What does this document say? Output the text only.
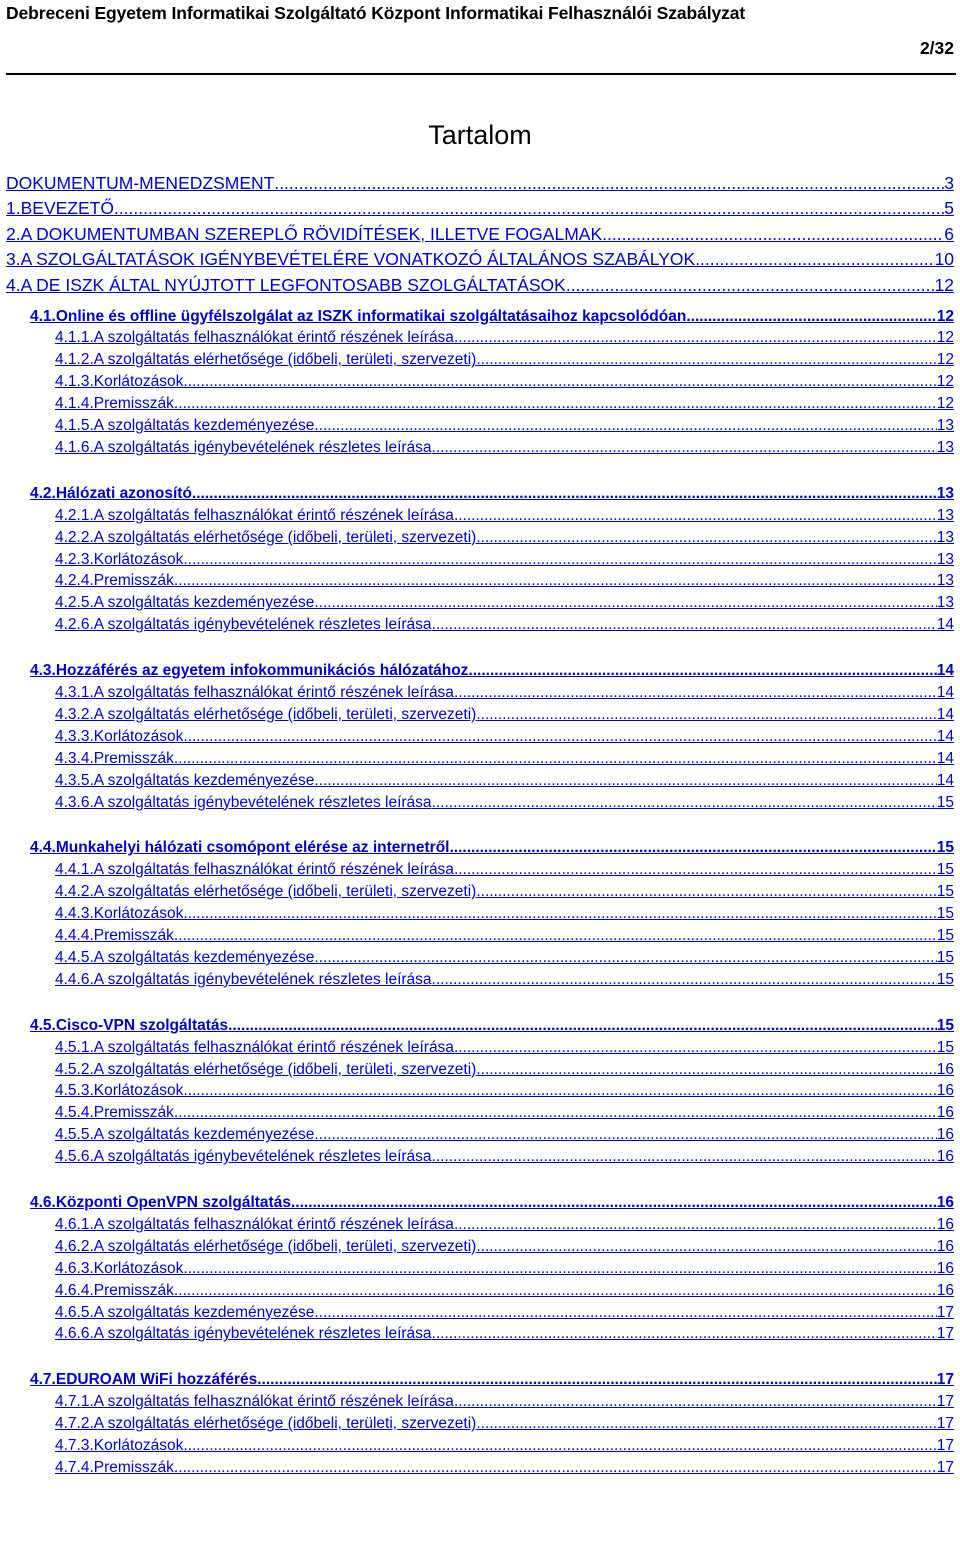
Debreceni Egyetem Informatikai Szolgáltató Központ Informatikai Felhasználói Szabályzat
2/32
Tartalom
DOKUMENTUM-MENEDZSMENT .....	3
1.BEVEZETŐ .....	5
2.A DOKUMENTUMBAN SZEREPLŐ RÖVIDÍTÉSEK, ILLETVE FOGALMAK .....	6
3.A SZOLGÁLTATÁSOK IGÉNYBEVÉTELÉRE VONATKOZÓ ÁLTALÁNOS SZABÁLYOK .....	10
4.A DE ISZK ÁLTAL NYÚJTOTT LEGFONTOSABB SZOLGÁLTATÁSOK .....	12
4.1.Online és offline ügyfélszolgálat az ISZK informatikai szolgáltatásaihoz kapcsolódóan .....	12
4.1.1.A szolgáltatás felhasználókat érintő részének leírása .....	12
4.1.2.A szolgáltatás elérhetősége (időbeli, területi, szervezeti) .....	12
4.1.3.Korlátozások .....	12
4.1.4.Premisszák .....	12
4.1.5.A szolgáltatás kezdeményezése .....	13
4.1.6.A szolgáltatás igénybevételének részletes leírása .....	13
4.2.Hálózati azonosító .....	13
4.2.1.A szolgáltatás felhasználókat érintő részének leírása .....	13
4.2.2.A szolgáltatás elérhetősége (időbeli, területi, szervezeti) .....	13
4.2.3.Korlátozások .....	13
4.2.4.Premisszák .....	13
4.2.5.A szolgáltatás kezdeményezése .....	13
4.2.6.A szolgáltatás igénybevételének részletes leírása .....	14
4.3.Hozzáférés az egyetem infokommunikációs hálózatához .....	14
4.3.1.A szolgáltatás felhasználókat érintő részének leírása .....	14
4.3.2.A szolgáltatás elérhetősége (időbeli, területi, szervezeti) .....	14
4.3.3.Korlátozások .....	14
4.3.4.Premisszák .....	14
4.3.5.A szolgáltatás kezdeményezése .....	14
4.3.6.A szolgáltatás igénybevételének részletes leírása .....	15
4.4.Munkahelyi hálózati csomópont elérése az internetről .....	15
4.4.1.A szolgáltatás felhasználókat érintő részének leírása .....	15
4.4.2.A szolgáltatás elérhetősége (időbeli, területi, szervezeti) .....	15
4.4.3.Korlátozások .....	15
4.4.4.Premisszák .....	15
4.4.5.A szolgáltatás kezdeményezése .....	15
4.4.6.A szolgáltatás igénybevételének részletes leírása .....	15
4.5.Cisco-VPN szolgáltatás .....	15
4.5.1.A szolgáltatás felhasználókat érintő részének leírása .....	15
4.5.2.A szolgáltatás elérhetősége (időbeli, területi, szervezeti) .....	16
4.5.3.Korlátozások .....	16
4.5.4.Premisszák .....	16
4.5.5.A szolgáltatás kezdeményezése .....	16
4.5.6.A szolgáltatás igénybevételének részletes leírása .....	16
4.6.Központi OpenVPN szolgáltatás .....	16
4.6.1.A szolgáltatás felhasználókat érintő részének leírása .....	16
4.6.2.A szolgáltatás elérhetősége (időbeli, területi, szervezeti) .....	16
4.6.3.Korlátozások .....	16
4.6.4.Premisszák .....	16
4.6.5.A szolgáltatás kezdeményezése .....	17
4.6.6.A szolgáltatás igénybevételének részletes leírása .....	17
4.7.EDUROAM WiFi hozzáférés .....	17
4.7.1.A szolgáltatás felhasználókat érintő részének leírása .....	17
4.7.2.A szolgáltatás elérhetősége (időbeli, területi, szervezeti) .....	17
4.7.3.Korlátozások .....	17
4.7.4.Premisszák .....	17
